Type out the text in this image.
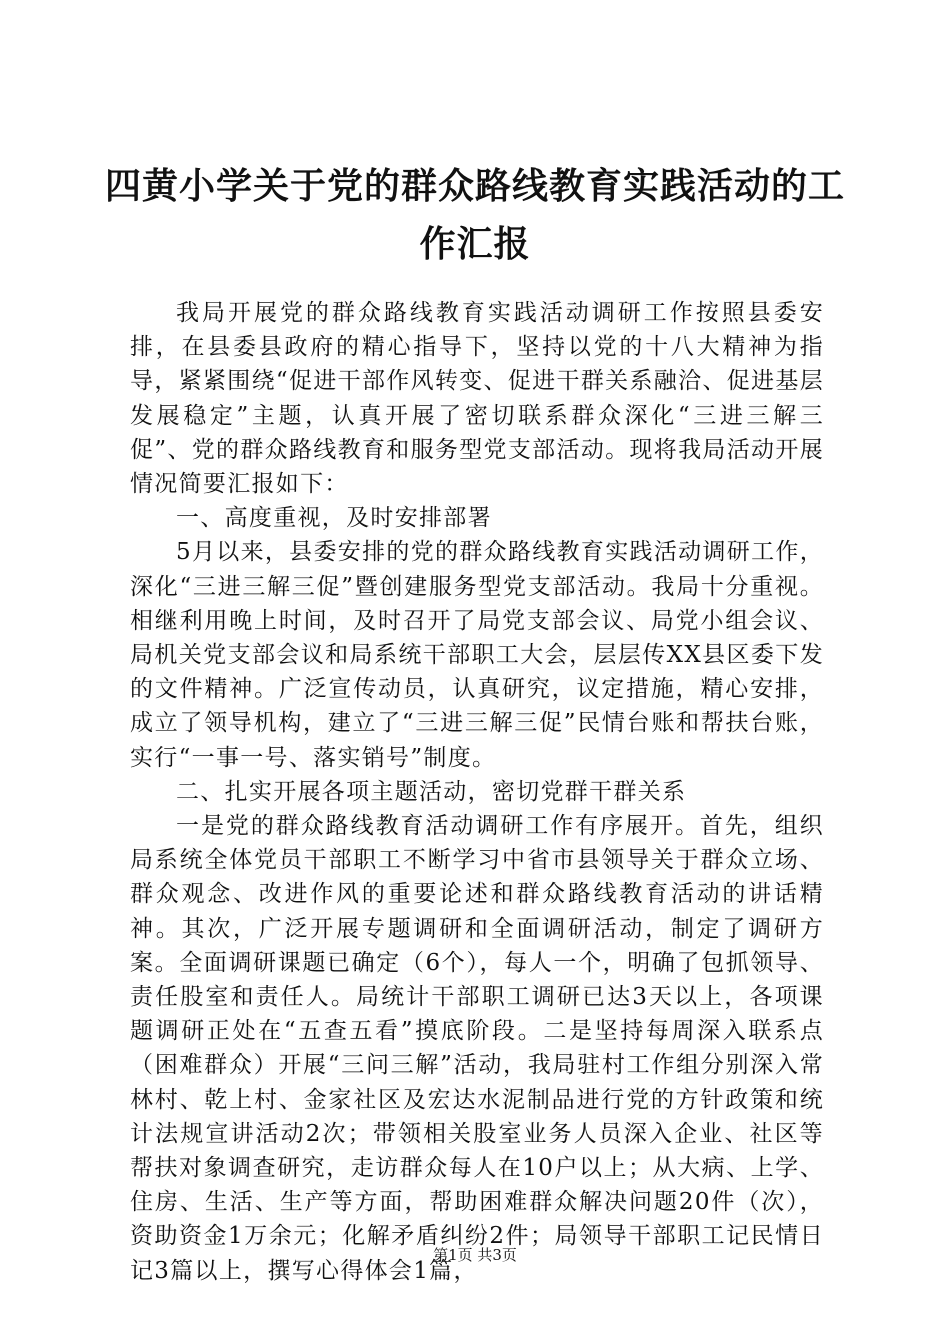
四黄小学关于党的群众路线教育实践活动的工作汇报

我局开展党的群众路线教育实践活动调研工作按照县委安排，在县委县政府的精心指导下，坚持以党的十八大精神为指导，紧紧围绕“促进干部作风转变、促进干群关系融洽、促进基层发展稳定”主题，认真开展了密切联系群众深化“三进三解三促”、党的群众路线教育和服务型党支部活动。现将我局活动开展情况简要汇报如下：

一、高度重视，及时安排部署

5月以来，县委安排的党的群众路线教育实践活动调研工作，深化“三进三解三促”暨创建服务型党支部活动。我局十分重视。相继利用晚上时间，及时召开了局党支部会议、局党小组会议、局机关党支部会议和局系统干部职工大会，层层传XX县区委下发的文件精神。广泛宣传动员，认真研究，议定措施，精心安排，成立了领导机构，建立了“三进三解三促”民情台账和帮扶台账，实行“一事一号、落实销号”制度。

二、扎实开展各项主题活动，密切党群干群关系

一是党的群众路线教育活动调研工作有序展开。首先，组织局系统全体党员干部职工不断学习中省市县领导关于群众立场、群众观念、改进作风的重要论述和群众路线教育活动的讲话精神。其次，广泛开展专题调研和全面调研活动，制定了调研方案。全面调研课题已确定（6个），每人一个，明确了包抓领导、责任股室和责任人。局统计干部职工调研已达3天以上，各项课题调研正处在“五查五看”摸底阶段。二是坚持每周深入联系点（困难群众）开展“三问三解”活动，我局驻村工作组分别深入常林村、乾上村、金家社区及宏达水泥制品进行党的方针政策和统计法规宣讲活动2次；带领相关股室业务人员深入企业、社区等帮扶对象调查研究，走访群众每人在10户以上；从大病、上学、住房、生活、生产等方面，帮助困难群众解决问题20件（次），资助资金1万余元；化解矛盾纠纷2件；局领导干部职工记民情日记3篇以上，撰写心得体会1篇，

第1页 共3页
